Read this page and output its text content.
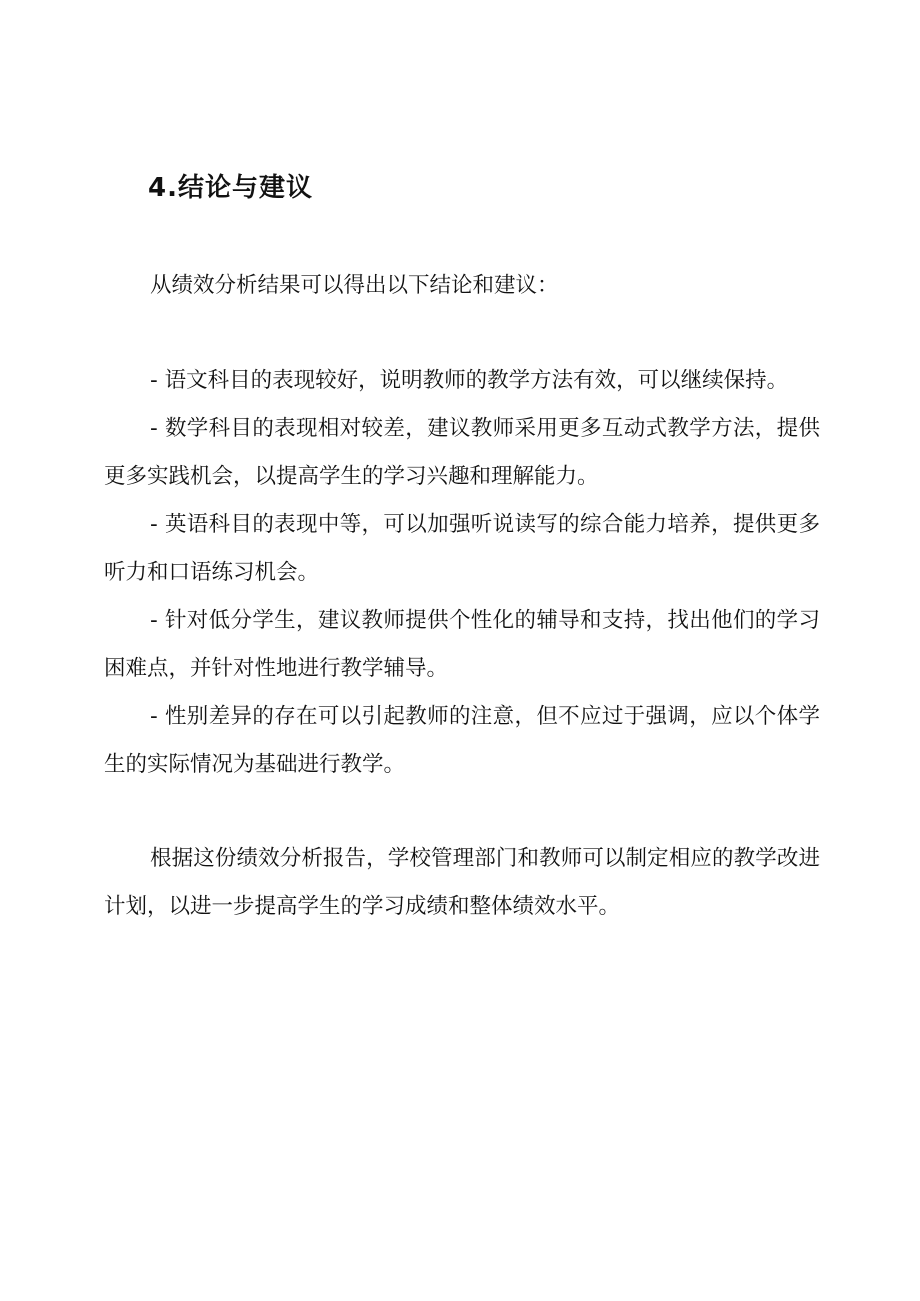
4.结论与建议

从绩效分析结果可以得出以下结论和建议：

- 语文科目的表现较好，说明教师的教学方法有效，可以继续保持。

- 数学科目的表现相对较差，建议教师采用更多互动式教学方法，提供更多实践机会，以提高学生的学习兴趣和理解能力。

- 英语科目的表现中等，可以加强听说读写的综合能力培养，提供更多听力和口语练习机会。

- 针对低分学生，建议教师提供个性化的辅导和支持，找出他们的学习困难点，并针对性地进行教学辅导。

- 性别差异的存在可以引起教师的注意，但不应过于强调，应以个体学生的实际情况为基础进行教学。

根据这份绩效分析报告，学校管理部门和教师可以制定相应的教学改进计划，以进一步提高学生的学习成绩和整体绩效水平。
